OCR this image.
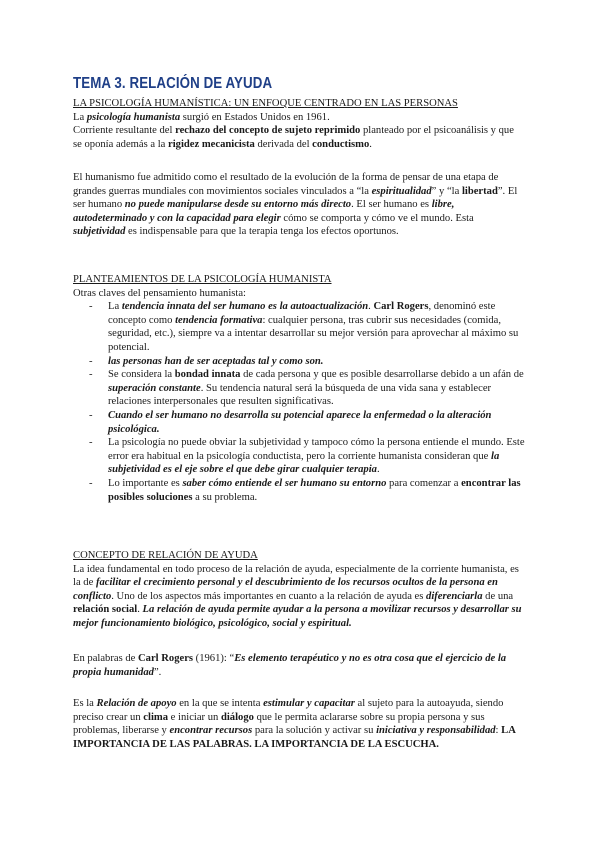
TEMA 3. RELACIÓN DE AYUDA
LA PSICOLOGÍA HUMANÍSTICA: UN ENFOQUE CENTRADO EN LAS PERSONAS

La psicología humanista surgió en Estados Unidos en 1961.

Corriente resultante del rechazo del concepto de sujeto reprimido planteado por el psicoanálisis y que se oponía además a la rigidez mecanicista derivada del conductismo.

El humanismo fue admitido como el resultado de la evolución de la forma de pensar de una etapa de grandes guerras mundiales con movimientos sociales vinculados a “la espiritualidad” y “la libertad”. El ser humano no puede manipularse desde su entorno más directo. El ser humano es libre, autodeterminado y con la capacidad para elegir cómo se comporta y cómo ve el mundo. Esta subjetividad es indispensable para que la terapia tenga los efectos oportunos.

PLANTEAMIENTOS DE LA PSICOLOGÍA HUMANISTA

Otras claves del pensamiento humanista:

- La tendencia innata del ser humano es la autoactualización. Carl Rogers, denominó este concepto como tendencia formativa: cualquier persona, tras cubrir sus necesidades (comida, seguridad, etc.), siempre va a intentar desarrollar su mejor versión para aprovechar al máximo su potencial.
- las personas han de ser aceptadas tal y como son.
- Se considera la bondad innata de cada persona y que es posible desarrollarse debido a un afán de superación constante. Su tendencia natural será la búsqueda de una vida sana y establecer relaciones interpersonales que resulten significativas.
- Cuando el ser humano no desarrolla su potencial aparece la enfermedad o la alteración psicológica.
- La psicología no puede obviar la subjetividad y tampoco cómo la persona entiende el mundo. Este error era habitual en la psicología conductista, pero la corriente humanista consideran que la subjetividad es el eje sobre el que debe girar cualquier terapia.
- Lo importante es saber cómo entiende el ser humano su entorno para comenzar a encontrar las posibles soluciones a su problema.
CONCEPTO DE RELACIÓN DE AYUDA

La idea fundamental en todo proceso de la relación de ayuda, especialmente de la corriente humanista, es la de facilitar el crecimiento personal y el descubrimiento de los recursos ocultos de la persona en conflicto. Uno de los aspectos más importantes en cuanto a la relación de ayuda es diferenciarla de una relación social. La relación de ayuda permite ayudar a la persona a movilizar recursos y desarrollar su mejor funcionamiento biológico, psicológico, social y espiritual.

En palabras de Carl Rogers (1961): “Es elemento terapéutico y no es otra cosa que el ejercicio de la propia humanidad”.

Es la Relación de apoyo en la que se intenta estimular y capacitar al sujeto para la autoayuda, siendo preciso crear un clima e iniciar un diálogo que le permita aclararse sobre su propia persona y sus problemas, liberarse y encontrar recursos para la solución y activar su iniciativa y responsabilidad: LA IMPORTANCIA DE LAS PALABRAS. LA IMPORTANCIA DE LA ESCUCHA.
